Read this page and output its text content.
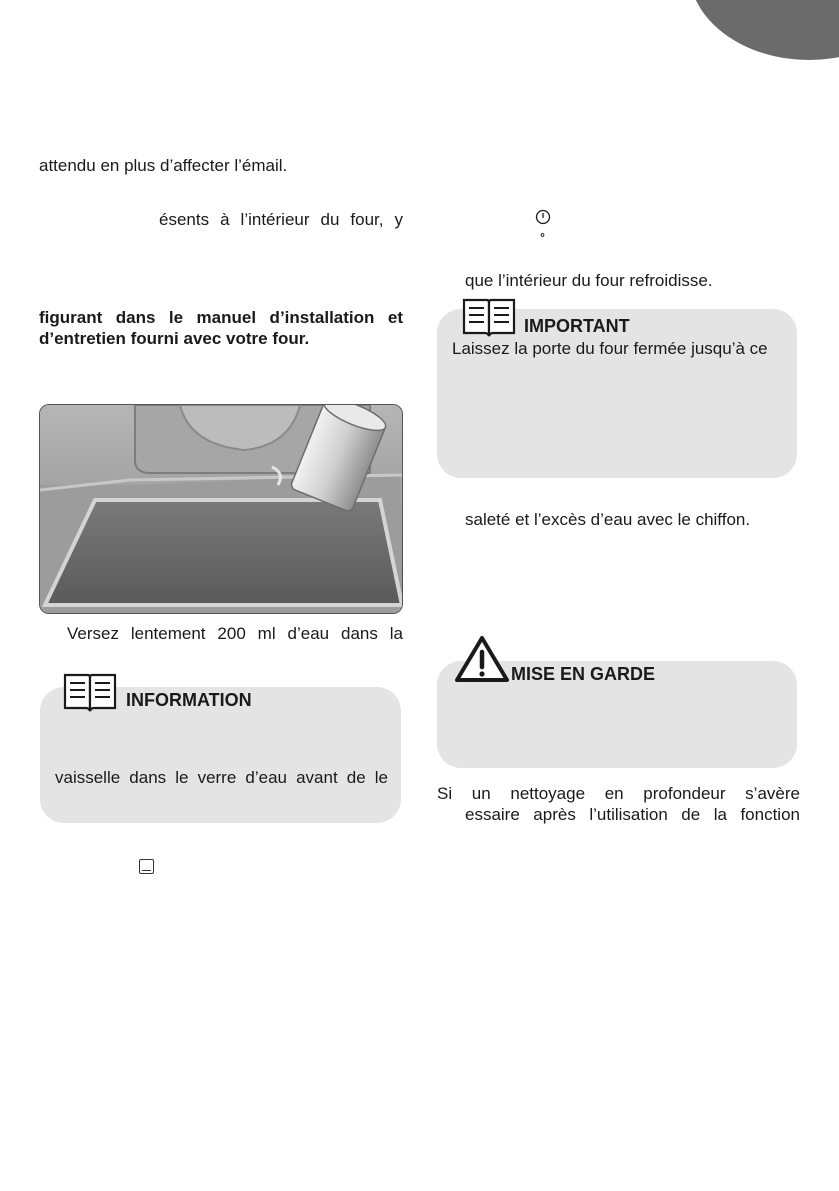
attendu en plus d’affecter l’émail.
ésents à l’intérieur du four, y
figurant dans le manuel d’installation et
d’entretien fourni avec votre four.
Versez lentement 200 ml d’eau dans la
INFORMATION
vaisselle dans le verre d’eau avant de le
que l’intérieur du four refroidisse.
IMPORTANT
Laissez la porte du four fermée jusqu’à ce
saleté et l’excès d’eau avec le chiffon.
MISE EN GARDE
Si un nettoyage en profondeur s’avère
essaire après l’utilisation de la fonction
